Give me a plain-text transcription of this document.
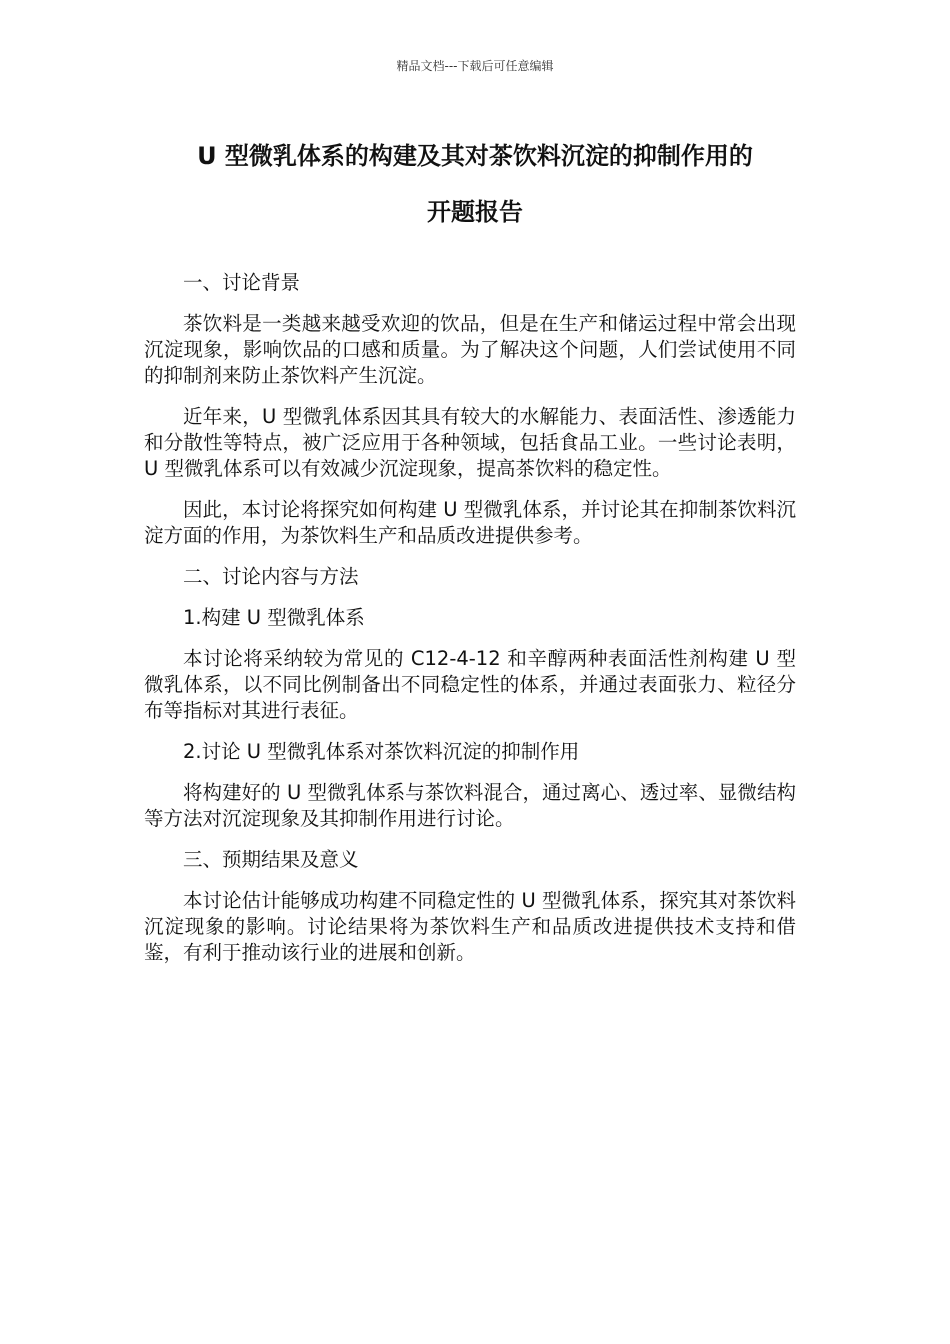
精品文档---下载后可任意编辑
U 型微乳体系的构建及其对茶饮料沉淀的抑制作用的
开题报告

一、讨论背景

茶饮料是一类越来越受欢迎的饮品，但是在生产和储运过程中常会出现沉淀现象，影响饮品的口感和质量。为了解决这个问题，人们尝试使用不同的抑制剂来防止茶饮料产生沉淀。

近年来，U 型微乳体系因其具有较大的水解能力、表面活性、渗透能力和分散性等特点，被广泛应用于各种领域，包括食品工业。一些讨论表明，U 型微乳体系可以有效减少沉淀现象，提高茶饮料的稳定性。

因此，本讨论将探究如何构建 U 型微乳体系，并讨论其在抑制茶饮料沉淀方面的作用，为茶饮料生产和品质改进提供参考。

二、讨论内容与方法

1.构建 U 型微乳体系

本讨论将采纳较为常见的 C12-4-12 和辛醇两种表面活性剂构建 U 型微乳体系，以不同比例制备出不同稳定性的体系，并通过表面张力、粒径分布等指标对其进行表征。

2.讨论 U 型微乳体系对茶饮料沉淀的抑制作用

将构建好的 U 型微乳体系与茶饮料混合，通过离心、透过率、显微结构等方法对沉淀现象及其抑制作用进行讨论。

三、预期结果及意义

本讨论估计能够成功构建不同稳定性的 U 型微乳体系，探究其对茶饮料沉淀现象的影响。讨论结果将为茶饮料生产和品质改进提供技术支持和借鉴，有利于推动该行业的进展和创新。
